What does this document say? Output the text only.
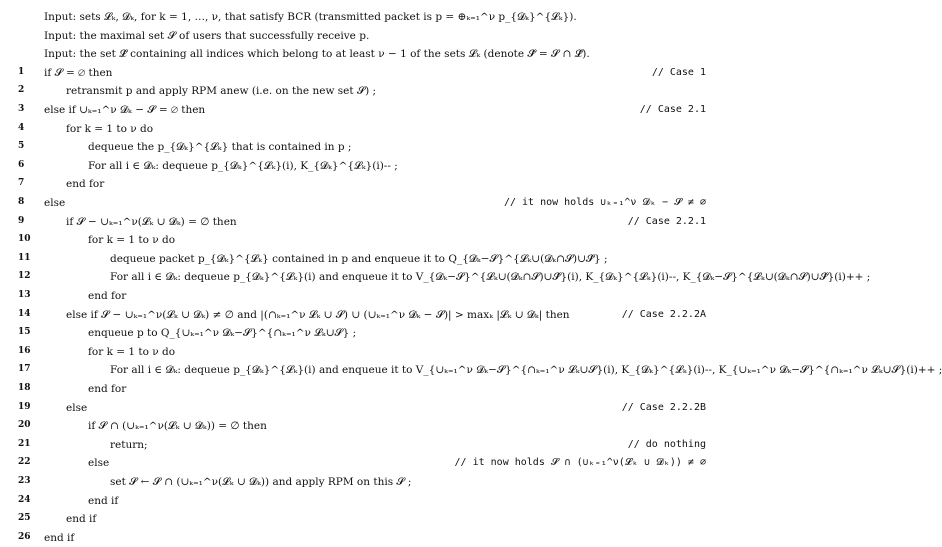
Input: sets 𝓛ₖ, 𝓓ₖ, for k = 1, …, ν, that satisfy BCR (transmitted packet is p = ⊕ₖ₌₁^ν p_{𝓓ₖ}^{𝓛ₖ}).
Input: the maximal set 𝓢 of users that successfully receive p.
Input: the set 𝓛̂ containing all indices which belong to at least ν − 1 of the sets 𝓛ₖ (denote 𝓢̂ = 𝓢 ∩ 𝓛̂).
1	if 𝓢 = ∅ then	// Case 1
2	retransmit p and apply RPM anew (i.e. on the new set 𝓢) ;
3	else if ∪ₖ₌₁^ν 𝓓ₖ − 𝓢 = ∅ then	// Case 2.1
4	for k = 1 to ν do
5	dequeue the p_{𝓓ₖ}^{𝓛ₖ} that is contained in p ;
6	For all i ∈ 𝓓ₖ: dequeue p_{𝓓ₖ}^{𝓛ₖ}(i), K_{𝓓ₖ}^{𝓛ₖ}(i)-- ;
7	end for
8	else	// it now holds ∪ₖ₌₁^ν 𝓓ₖ − 𝓢 ≠ ∅
9	if 𝓢 − ∪ₖ₌₁^ν(𝓛ₖ ∪ 𝓓ₖ) = ∅ then	// Case 2.2.1
10	for k = 1 to ν do
11	dequeue packet p_{𝓓ₖ}^{𝓛ₖ} contained in p and enqueue it to Q_{𝓓ₖ−𝓢}^{𝓛ₖ∪(𝓓ₖ∩𝓢)∪𝓢̂} ;
12	For all i ∈ 𝓓ₖ: dequeue p_{𝓓ₖ}^{𝓛ₖ}(i) and enqueue it to V_{𝓓ₖ−𝓢}^{𝓛ₖ∪(𝓓ₖ∩𝓢)∪𝓢̂}(i), K_{𝓓ₖ}^{𝓛ₖ}(i)--, K_{𝓓ₖ−𝓢}^{𝓛ₖ∪(𝓓ₖ∩𝓢)∪𝓢̂}(i)++ ;
13	end for
14	else if 𝓢 − ∪ₖ₌₁^ν(𝓛ₖ ∪ 𝓓ₖ) ≠ ∅ and |(∩ₖ₌₁^ν 𝓛ₖ ∪ 𝓢) ∪ (∪ₖ₌₁^ν 𝓓ₖ − 𝓢)| > maxₖ |𝓛ₖ ∪ 𝓓ₖ| then	// Case 2.2.2A
15	enqueue p to Q_{∪ₖ₌₁^ν 𝓓ₖ−𝓢}^{∩ₖ₌₁^ν 𝓛ₖ∪𝓢} ;
16	for k = 1 to ν do
17	For all i ∈ 𝓓ₖ: dequeue p_{𝓓ₖ}^{𝓛ₖ}(i) and enqueue it to V_{∪ₖ₌₁^ν 𝓓ₖ−𝓢}^{∩ₖ₌₁^ν 𝓛ₖ∪𝓢}(i), K_{𝓓ₖ}^{𝓛ₖ}(i)--, K_{∪ₖ₌₁^ν 𝓓ₖ−𝓢}^{∩ₖ₌₁^ν 𝓛ₖ∪𝓢}(i)++ ;
18	end for
19	else	// Case 2.2.2B
20	if 𝓢 ∩ (∪ₖ₌₁^ν(𝓛ₖ ∪ 𝓓ₖ)) = ∅ then
21	return;	// do nothing
22	else	// it now holds 𝓢 ∩ (∪ₖ₌₁^ν(𝓛ₖ ∪ 𝓓ₖ)) ≠ ∅
23	set 𝓢 ← 𝓢 ∩ (∪ₖ₌₁^ν(𝓛ₖ ∪ 𝓓ₖ)) and apply RPM on this 𝓢 ;
24	end if
25	end if
26	end if
